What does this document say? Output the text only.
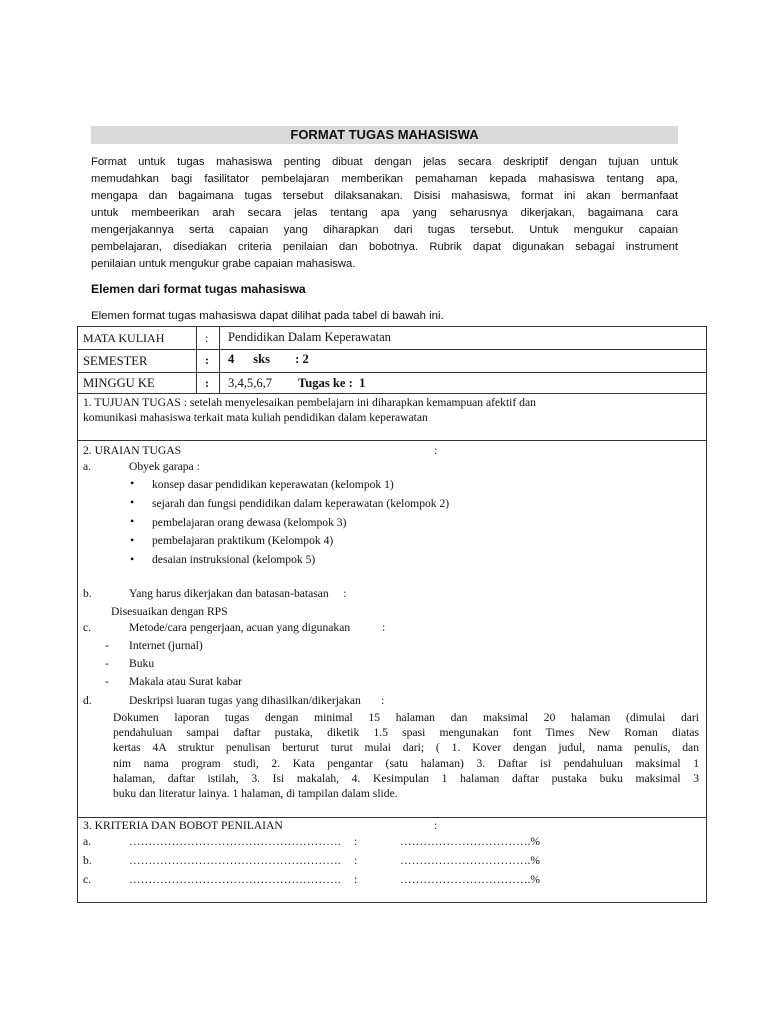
FORMAT TUGAS MAHASISWA
Format untuk tugas mahasiswa penting dibuat dengan jelas secara deskriptif dengan tujuan untuk
memudahkan bagi fasilitator pembelajaran memberikan pemahaman kepada mahasiswa tentang apa,
mengapa dan bagaimana tugas tersebut dilaksanakan. Disisi mahasiswa, format ini akan bermanfaat
untuk membeerikan arah secara jelas tentang apa yang seharusnya dikerjakan, bagaimana cara
mengerjakannya serta capaian yang diharapkan dari tugas tersebut. Untuk mengukur capaian
pembelajaran, disediakan criteria penilaian dan bobotnya. Rubrik dapat digunakan sebagai instrument
penilaian untuk mengukur grabe capaian mahasiswa.
Elemen dari format tugas mahasiswa
Elemen format tugas mahasiswa dapat dilihat pada tabel di bawah ini.
MATA KULIAH	: Pendidikan Dalam Keperawatan
SEMESTER	: 4      sks        : 2
MINGGU KE	: 3,4,5,6,7 Tugas ke :  1
1. TUJUAN TUGAS : setelah menyelesaikan pembelajarn ini diharapkan kemampuan afektif dan
komunikasi mahasiswa terkait mata kuliah pendidikan dalam keperawatan
2. URAIAN TUGAS	:
a.	Obyek garapa :
• konsep dasar pendidikan keperawatan (kelompok 1)
• sejarah dan fungsi pendidikan dalam keperawatan (kelompok 2)
• pembelajaran orang dewasa (kelompok 3)
• pembelajaran praktikum (Kelompok 4)
• desaian instruksional (kelompok 5)
b.	Yang harus dikerjakan dan batasan-batasan     :
Disesuaikan dengan RPS
c.	Metode/cara pengerjaan, acuan yang digunakan           :
- Internet (jurnal)
- Buku
- Makala atau Surat kabar
d.	Deskripsi luaran tugas yang dihasilkan/dikerjakan       :
Dokumen laporan tugas dengan minimal 15 halaman dan maksimal 20 halaman (dimulai dari
pendahuluan sampai daftar pustaka, diketik 1.5 spasi mengunakan font Times New Roman diatas
kertas 4A struktur penulisan berturut turut mulai dari; ( 1. Kover dengan judul, nama penulis, dan
nim nama program studi, 2. Kata pengantar (satu halaman) 3. Daftar isi pendahuluan maksimal 1
halaman, daftar istilah, 3. Isi makalah, 4. Kesimpulan 1 halaman daftar pustaka buku maksimal 3
buku dan literatur lainya. 1 halaman, di tampilan dalam slide.
3. KRITERIA DAN BOBOT PENILAIAN	:
a.	………………………………………………. :	…………………………….%
b.	………………………………………………. :	…………………………….%
c.	………………………………………………. :	…………………………….%
